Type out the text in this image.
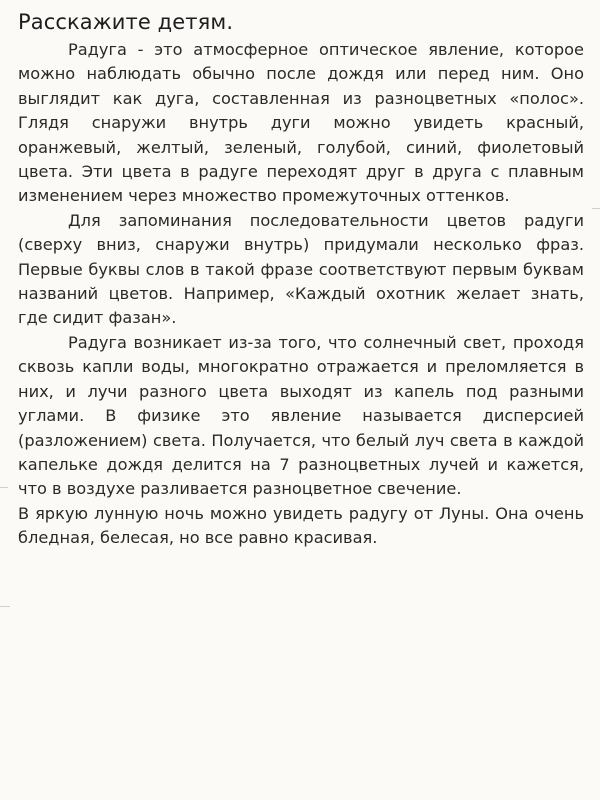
Расскажите детям.

Радуга - это атмосферное оптическое явление, которое можно наблюдать обычно после дождя или перед ним. Оно выглядит как дуга, составленная из разноцветных «полос». Глядя снаружи внутрь дуги можно увидеть красный, оранжевый, желтый, зеленый, голубой, синий, фиолетовый цвета. Эти цвета в радуге переходят друг в друга с плавным изменением через множество промежуточных оттенков.

Для запоминания последовательности цветов радуги (сверху вниз, снаружи внутрь) придумали несколько фраз. Первые буквы слов в такой фразе соответствуют первым буквам названий цветов. Например, «Каждый охотник желает знать, где сидит фазан».

Радуга возникает из-за того, что солнечный свет, проходя сквозь капли воды, многократно отражается и преломляется в них, и лучи разного цвета выходят из капель под разными углами. В физике это явление называется дисперсией (разложением) света. Получается, что белый луч света в каждой капельке дождя делится на 7 разноцветных лучей и кажется, что в воздухе разливается разноцветное свечение.

В яркую лунную ночь можно увидеть радугу от Луны. Она очень бледная, белесая, но все равно красивая.
